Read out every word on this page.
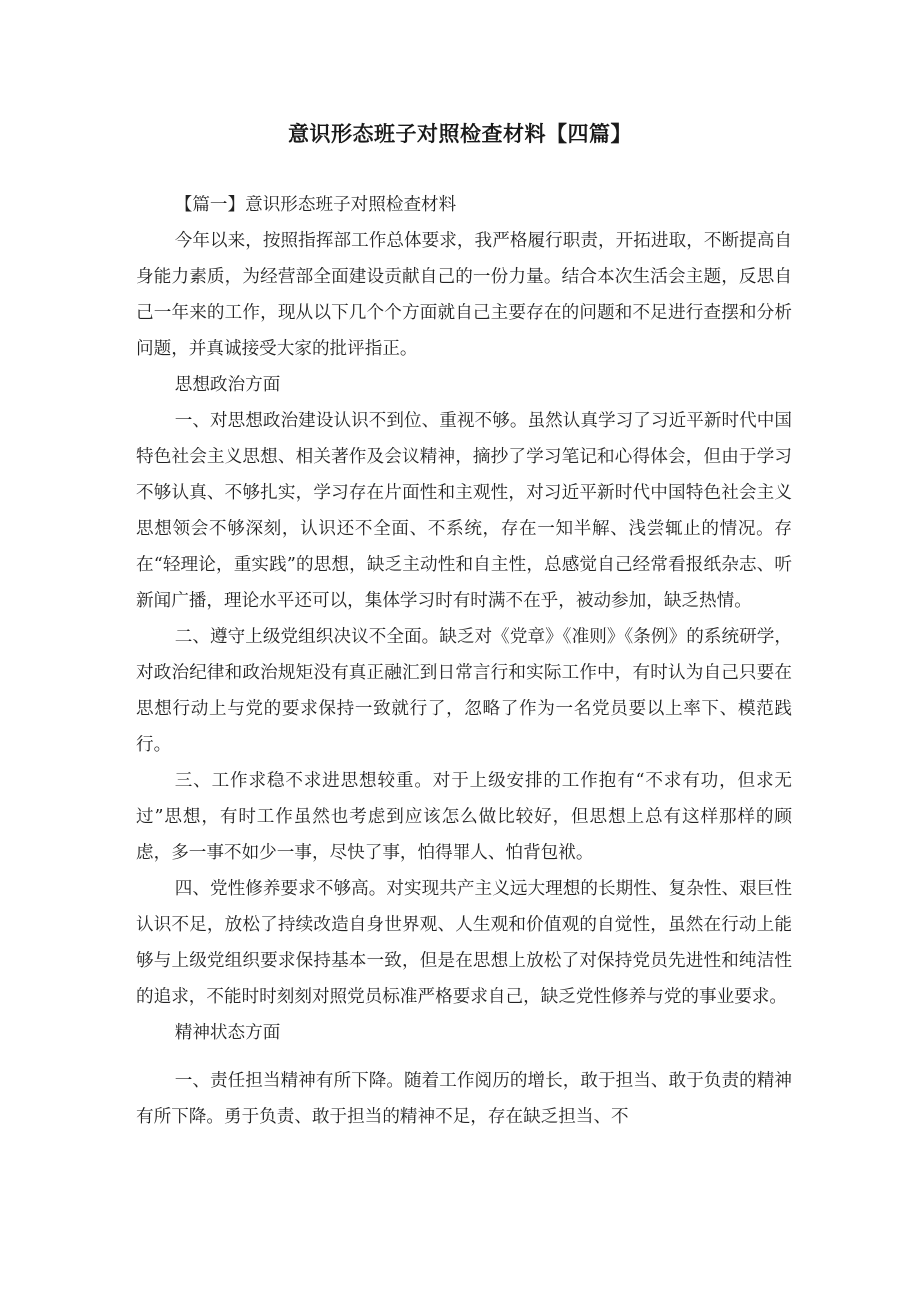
意识形态班子对照检查材料【四篇】

【篇一】意识形态班子对照检查材料

今年以来，按照指挥部工作总体要求，我严格履行职责，开拓进取，不断提高自身能力素质，为经营部全面建设贡献自己的一份力量。结合本次生活会主题，反思自己一年来的工作，现从以下几个个方面就自己主要存在的问题和不足进行查摆和分析问题，并真诚接受大家的批评指正。

思想政治方面

一、对思想政治建设认识不到位、重视不够。虽然认真学习了习近平新时代中国特色社会主义思想、相关著作及会议精神，摘抄了学习笔记和心得体会，但由于学习不够认真、不够扎实，学习存在片面性和主观性，对习近平新时代中国特色社会主义思想领会不够深刻，认识还不全面、不系统，存在一知半解、浅尝辄止的情况。存在“轻理论，重实践”的思想，缺乏主动性和自主性，总感觉自己经常看报纸杂志、听新闻广播，理论水平还可以，集体学习时有时满不在乎，被动参加，缺乏热情。

二、遵守上级党组织决议不全面。缺乏对《党章》《准则》《条例》的系统研学，对政治纪律和政治规矩没有真正融汇到日常言行和实际工作中，有时认为自己只要在思想行动上与党的要求保持一致就行了，忽略了作为一名党员要以上率下、模范践行。

三、工作求稳不求进思想较重。对于上级安排的工作抱有“不求有功，但求无过”思想，有时工作虽然也考虑到应该怎么做比较好，但思想上总有这样那样的顾虑，多一事不如少一事，尽快了事，怕得罪人、怕背包袱。

四、党性修养要求不够高。对实现共产主义远大理想的长期性、复杂性、艰巨性认识不足，放松了持续改造自身世界观、人生观和价值观的自觉性，虽然在行动上能够与上级党组织要求保持基本一致，但是在思想上放松了对保持党员先进性和纯洁性的追求，不能时时刻刻对照党员标准严格要求自己，缺乏党性修养与党的事业要求。

精神状态方面

一、责任担当精神有所下降。随着工作阅历的增长，敢于担当、敢于负责的精神有所下降。勇于负责、敢于担当的精神不足，存在缺乏担当、不
